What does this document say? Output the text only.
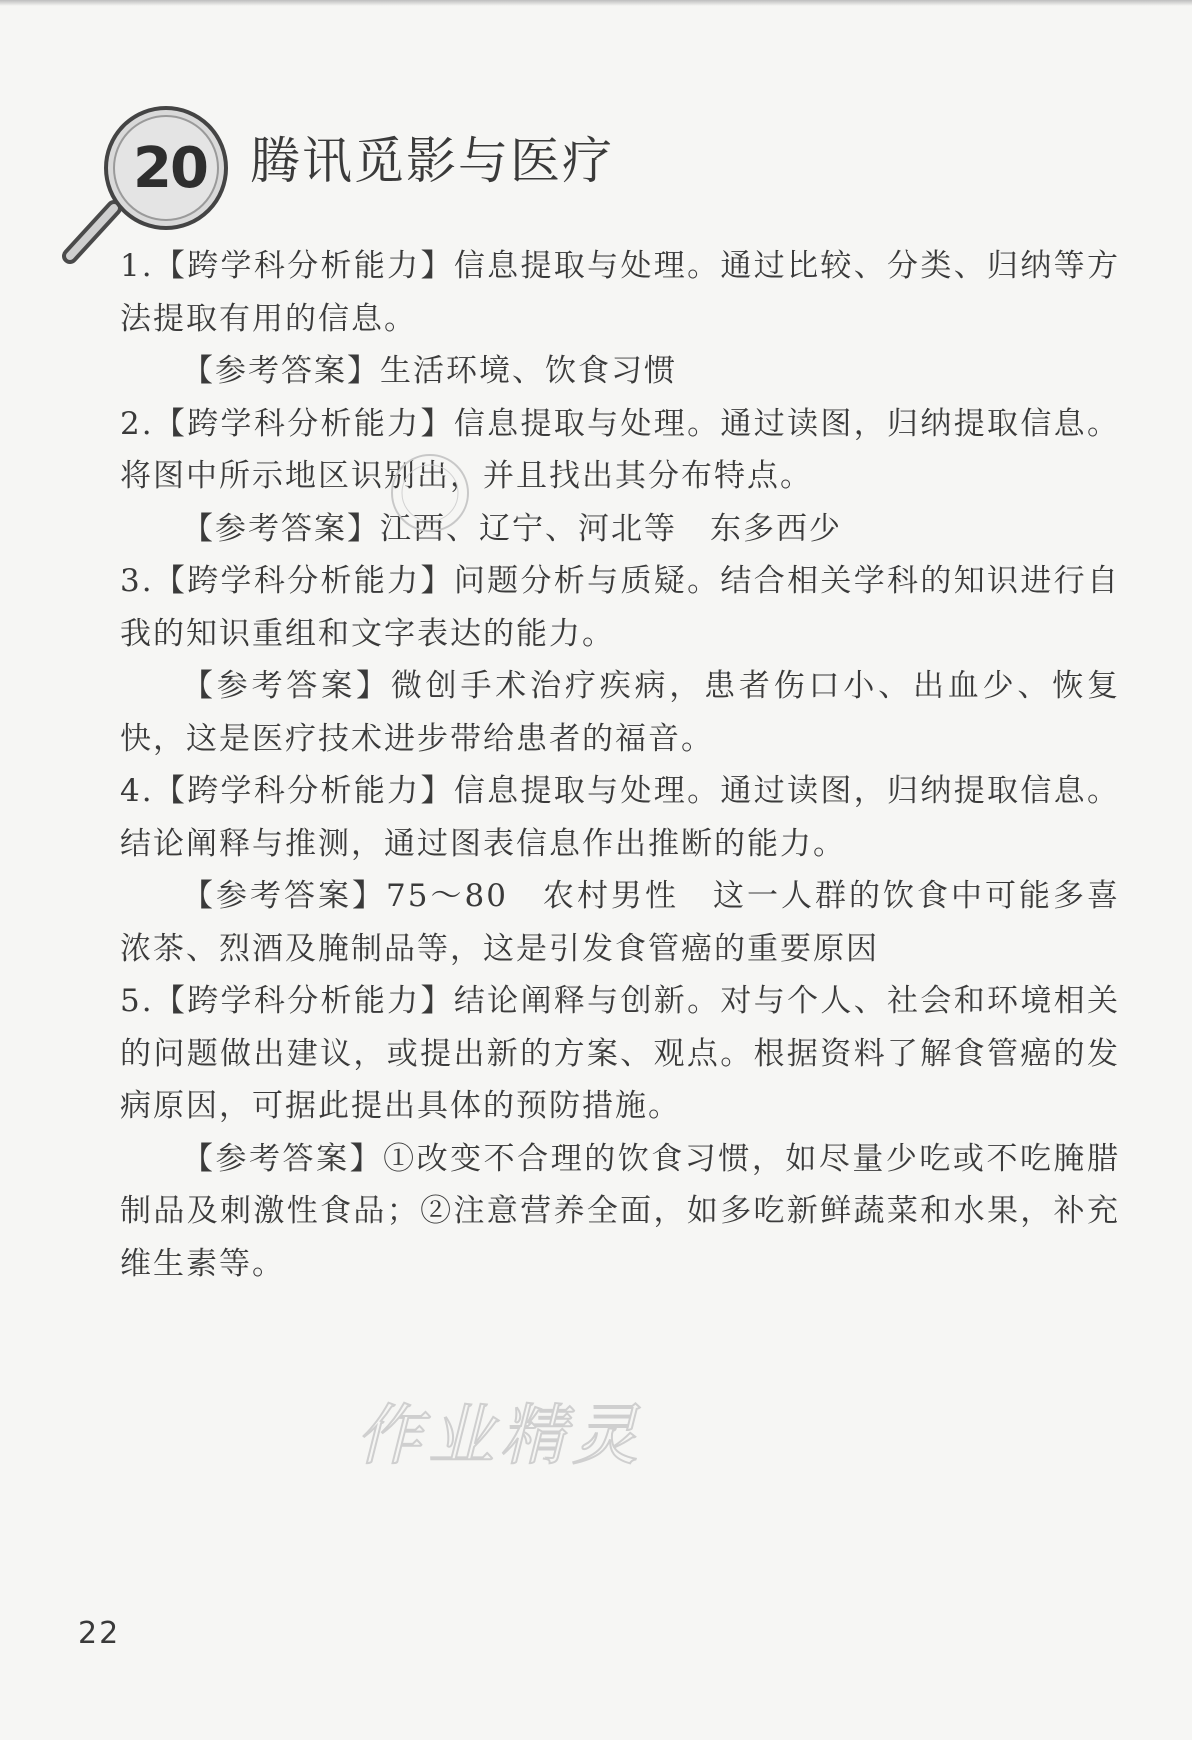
20 腾讯觅影与医疗

1.【跨学科分析能力】信息提取与处理。通过比较、分类、归纳等方法提取有用的信息。

【参考答案】生活环境、饮食习惯

2.【跨学科分析能力】信息提取与处理。通过读图，归纳提取信息。将图中所示地区识别出，并且找出其分布特点。

【参考答案】江西、辽宁、河北等　东多西少

3.【跨学科分析能力】问题分析与质疑。结合相关学科的知识进行自我的知识重组和文字表达的能力。

【参考答案】微创手术治疗疾病，患者伤口小、出血少、恢复快，这是医疗技术进步带给患者的福音。

4.【跨学科分析能力】信息提取与处理。通过读图，归纳提取信息。结论阐释与推测，通过图表信息作出推断的能力。

【参考答案】75～80　农村男性　这一人群的饮食中可能多喜浓茶、烈酒及腌制品等，这是引发食管癌的重要原因

5.【跨学科分析能力】结论阐释与创新。对与个人、社会和环境相关的问题做出建议，或提出新的方案、观点。根据资料了解食管癌的发病原因，可据此提出具体的预防措施。

【参考答案】①改变不合理的饮食习惯，如尽量少吃或不吃腌腊制品及刺激性食品；②注意营养全面，如多吃新鲜蔬菜和水果，补充维生素等。

作业精灵
22
